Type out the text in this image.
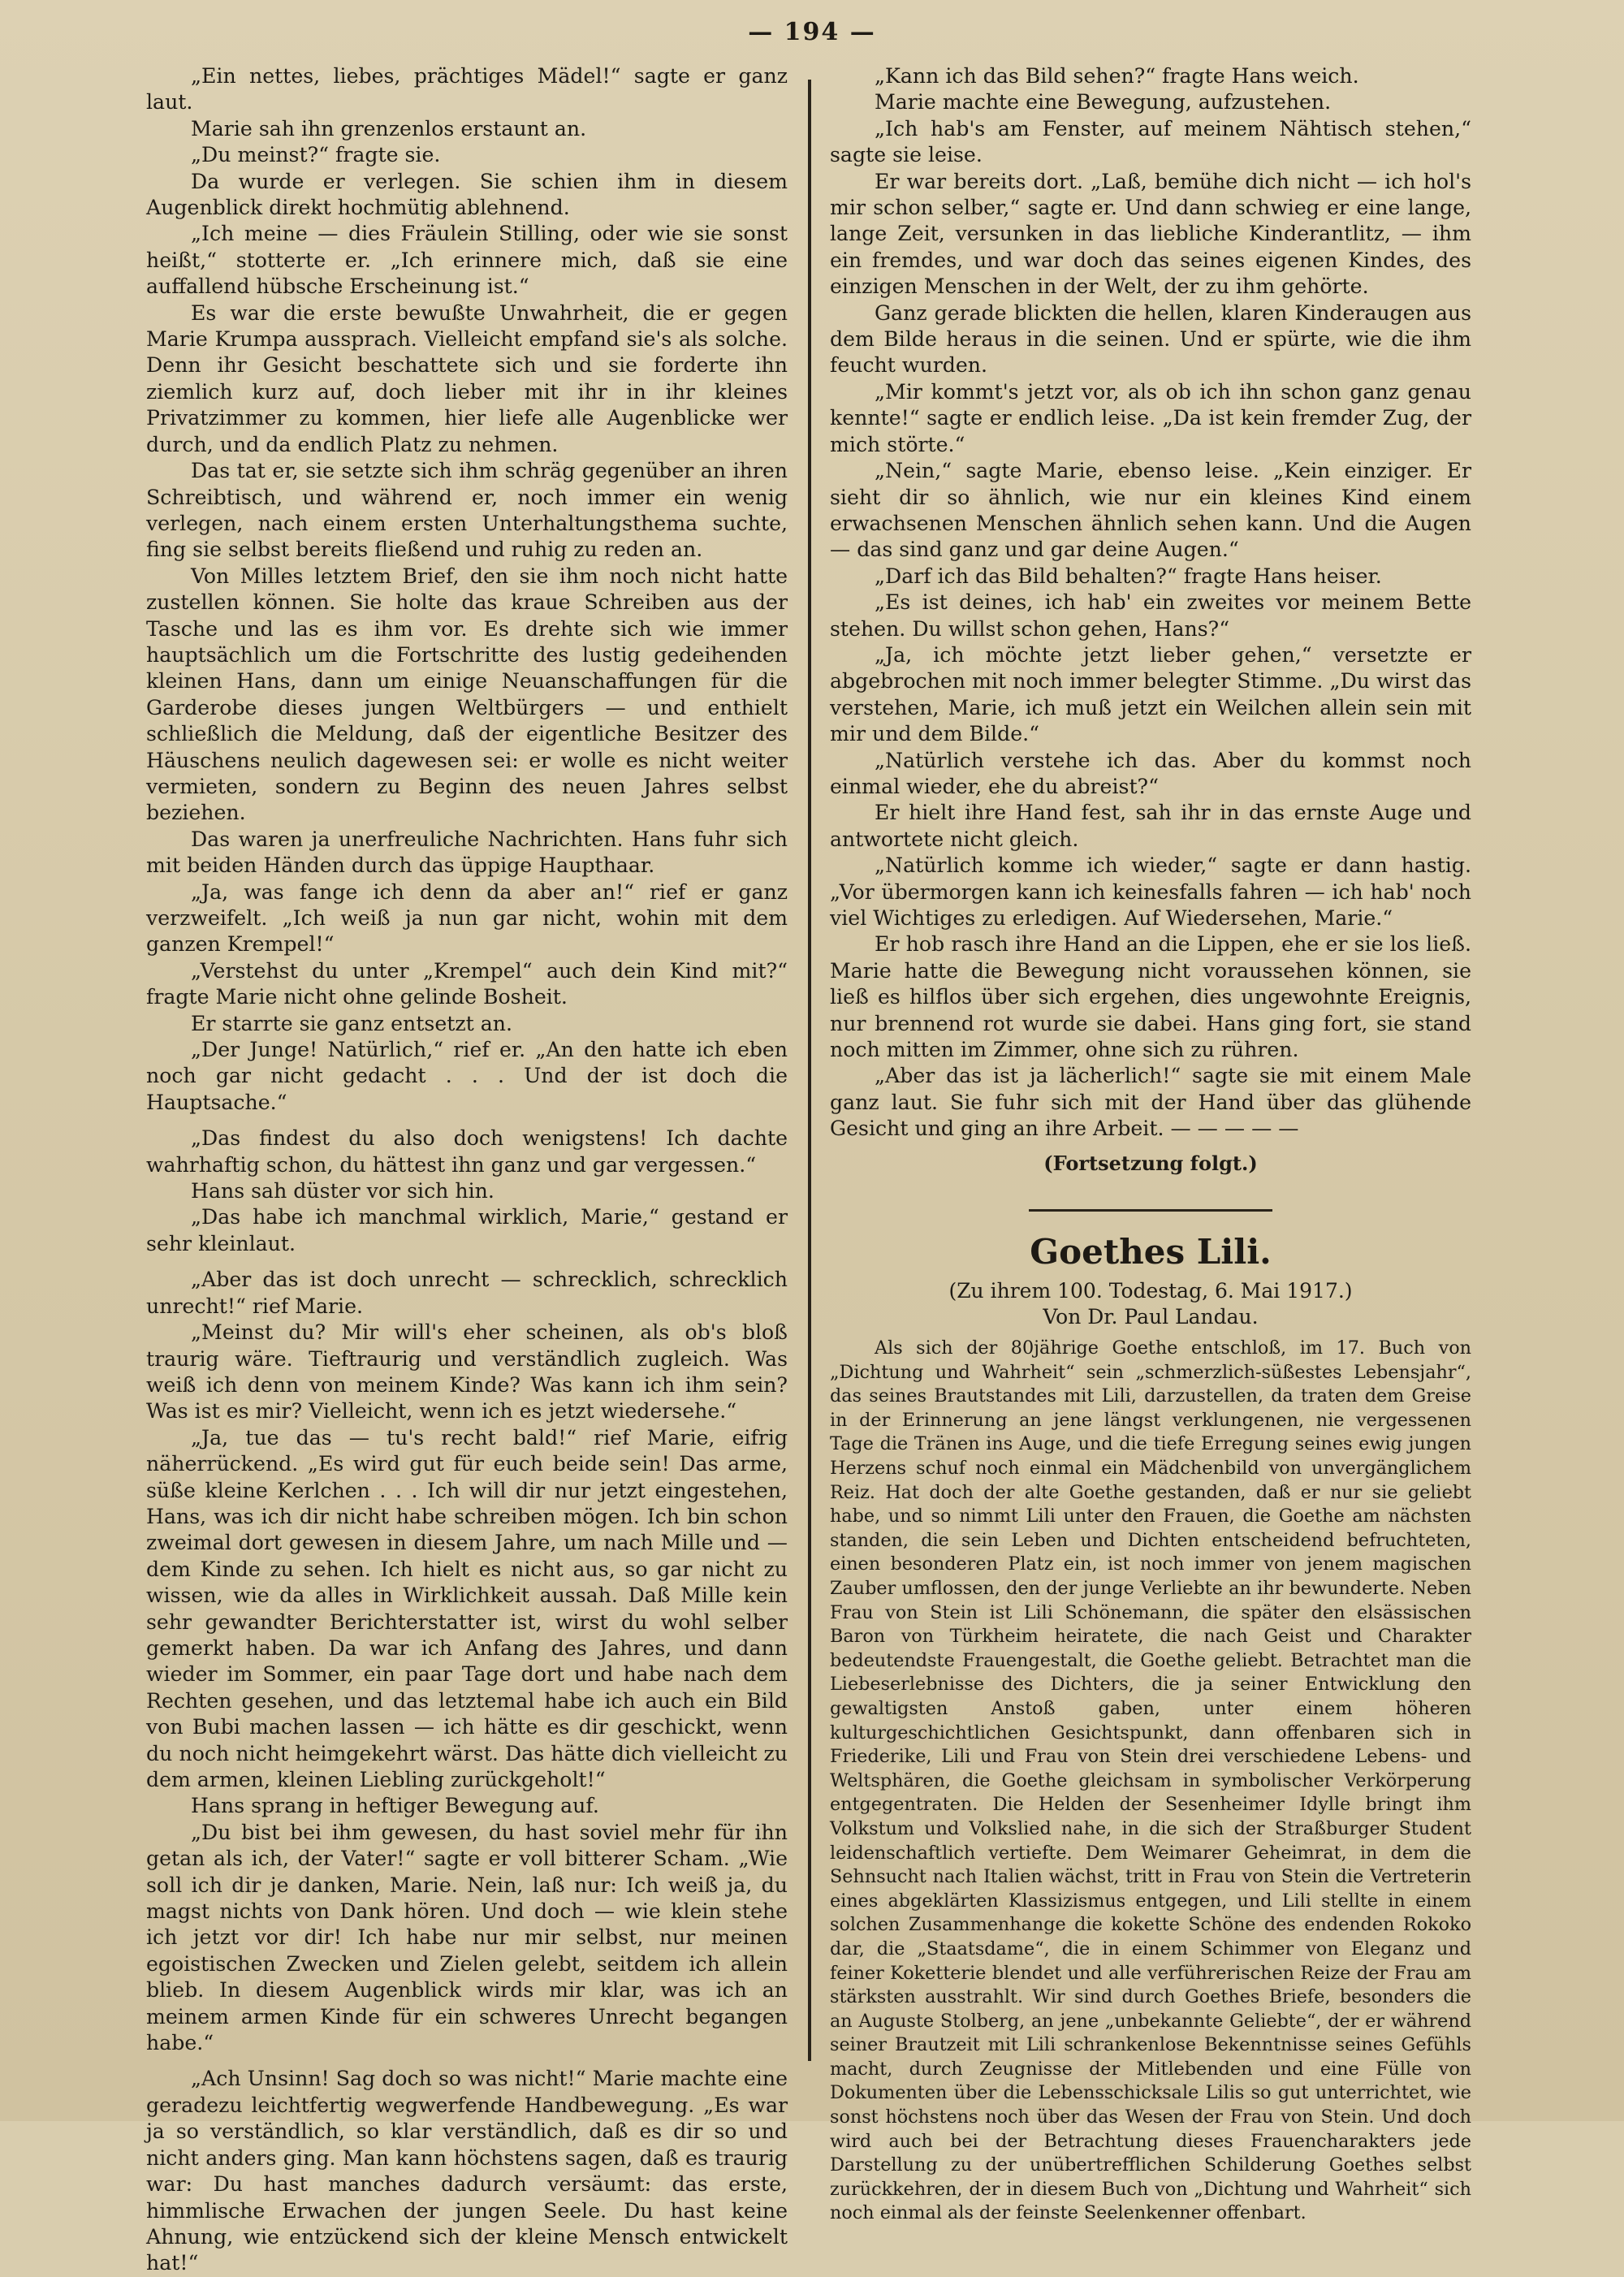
— 194 —

„Ein nettes, liebes, prächtiges Mädel!“ sagte er ganz laut.

Marie sah ihn grenzenlos erstaunt an.

„Du meinst?“ fragte sie.

Da wurde er verlegen. Sie schien ihm in diesem Augenblick direkt hochmütig ablehnend.

„Ich meine — dies Fräulein Stilling, oder wie sie sonst heißt,“ stotterte er. „Ich erinnere mich, daß sie eine auffallend hübsche Erscheinung ist.“

Es war die erste bewußte Unwahrheit, die er gegen Marie Krumpa aussprach. Vielleicht empfand sie's als solche. Denn ihr Gesicht beschattete sich und sie forderte ihn ziemlich kurz auf, doch lieber mit ihr in ihr kleines Privatzimmer zu kommen, hier liefe alle Augenblicke wer durch, und da endlich Platz zu nehmen.

Das tat er, sie setzte sich ihm schräg gegenüber an ihren Schreibtisch, und während er, noch immer ein wenig verlegen, nach einem ersten Unterhaltungsthema suchte, fing sie selbst bereits fließend und ruhig zu reden an.

Von Milles letztem Brief, den sie ihm noch nicht hatte zustellen können. Sie holte das kraue Schreiben aus der Tasche und las es ihm vor. Es drehte sich wie immer hauptsächlich um die Fortschritte des lustig gedeihenden kleinen Hans, dann um einige Neuanschaffungen für die Garderobe dieses jungen Weltbürgers — und enthielt schließlich die Meldung, daß der eigentliche Besitzer des Häuschens neulich dagewesen sei: er wolle es nicht weiter vermieten, sondern zu Beginn des neuen Jahres selbst beziehen.

Das waren ja unerfreuliche Nachrichten. Hans fuhr sich mit beiden Händen durch das üppige Haupthaar.

„Ja, was fange ich denn da aber an!“ rief er ganz verzweifelt. „Ich weiß ja nun gar nicht, wohin mit dem ganzen Krempel!“

„Verstehst du unter „Krempel“ auch dein Kind mit?“ fragte Marie nicht ohne gelinde Bosheit.

Er starrte sie ganz entsetzt an.

„Der Junge! Natürlich,“ rief er. „An den hatte ich eben noch gar nicht gedacht . . . Und der ist doch die Hauptsache.“

„Das findest du also doch wenigstens! Ich dachte wahrhaftig schon, du hättest ihn ganz und gar vergessen.“

Hans sah düster vor sich hin.

„Das habe ich manchmal wirklich, Marie,“ gestand er sehr kleinlaut.

„Aber das ist doch unrecht — schrecklich, schrecklich unrecht!“ rief Marie.

„Meinst du? Mir will's eher scheinen, als ob's bloß traurig wäre. Tieftraurig und verständlich zugleich. Was weiß ich denn von meinem Kinde? Was kann ich ihm sein? Was ist es mir? Vielleicht, wenn ich es jetzt wiedersehe.“

„Ja, tue das — tu's recht bald!“ rief Marie, eifrig näherrückend. „Es wird gut für euch beide sein! Das arme, süße kleine Kerlchen . . . Ich will dir nur jetzt eingestehen, Hans, was ich dir nicht habe schreiben mögen. Ich bin schon zweimal dort gewesen in diesem Jahre, um nach Mille und — dem Kinde zu sehen. Ich hielt es nicht aus, so gar nicht zu wissen, wie da alles in Wirklichkeit aussah. Daß Mille kein sehr gewandter Berichterstatter ist, wirst du wohl selber gemerkt haben. Da war ich Anfang des Jahres, und dann wieder im Sommer, ein paar Tage dort und habe nach dem Rechten gesehen, und das letztemal habe ich auch ein Bild von Bubi machen lassen — ich hätte es dir geschickt, wenn du noch nicht heimgekehrt wärst. Das hätte dich vielleicht zu dem armen, kleinen Liebling zurückgeholt!“

Hans sprang in heftiger Bewegung auf.

„Du bist bei ihm gewesen, du hast soviel mehr für ihn getan als ich, der Vater!“ sagte er voll bitterer Scham. „Wie soll ich dir je danken, Marie. Nein, laß nur: Ich weiß ja, du magst nichts von Dank hören. Und doch — wie klein stehe ich jetzt vor dir! Ich habe nur mir selbst, nur meinen egoistischen Zwecken und Zielen gelebt, seitdem ich allein blieb. In diesem Augenblick wirds mir klar, was ich an meinem armen Kinde für ein schweres Unrecht begangen habe.“

„Ach Unsinn! Sag doch so was nicht!“ Marie machte eine geradezu leichtfertig wegwerfende Handbewegung. „Es war ja so verständlich, so klar verständlich, daß es dir so und nicht anders ging. Man kann höchstens sagen, daß es traurig war: Du hast manches dadurch versäumt: das erste, himmlische Erwachen der jungen Seele. Du hast keine Ahnung, wie entzückend sich der kleine Mensch entwickelt hat!“

„Kann ich das Bild sehen?“ fragte Hans weich.

Marie machte eine Bewegung, aufzustehen.

„Ich hab's am Fenster, auf meinem Nähtisch stehen,“ sagte sie leise.

Er war bereits dort. „Laß, bemühe dich nicht — ich hol's mir schon selber,“ sagte er. Und dann schwieg er eine lange, lange Zeit, versunken in das liebliche Kinderantlitz, — ihm ein fremdes, und war doch das seines eigenen Kindes, des einzigen Menschen in der Welt, der zu ihm gehörte.

Ganz gerade blickten die hellen, klaren Kinderaugen aus dem Bilde heraus in die seinen. Und er spürte, wie die ihm feucht wurden.

„Mir kommt's jetzt vor, als ob ich ihn schon ganz genau kennte!“ sagte er endlich leise. „Da ist kein fremder Zug, der mich störte.“

„Nein,“ sagte Marie, ebenso leise. „Kein einziger. Er sieht dir so ähnlich, wie nur ein kleines Kind einem erwachsenen Menschen ähnlich sehen kann. Und die Augen — das sind ganz und gar deine Augen.“

„Darf ich das Bild behalten?“ fragte Hans heiser.

„Es ist deines, ich hab' ein zweites vor meinem Bette stehen. Du willst schon gehen, Hans?“

„Ja, ich möchte jetzt lieber gehen,“ versetzte er abgebrochen mit noch immer belegter Stimme. „Du wirst das verstehen, Marie, ich muß jetzt ein Weilchen allein sein mit mir und dem Bilde.“

„Natürlich verstehe ich das. Aber du kommst noch einmal wieder, ehe du abreist?“

Er hielt ihre Hand fest, sah ihr in das ernste Auge und antwortete nicht gleich.

„Natürlich komme ich wieder,“ sagte er dann hastig. „Vor übermorgen kann ich keinesfalls fahren — ich hab' noch viel Wichtiges zu erledigen. Auf Wiedersehen, Marie.“

Er hob rasch ihre Hand an die Lippen, ehe er sie los ließ. Marie hatte die Bewegung nicht voraussehen können, sie ließ es hilflos über sich ergehen, dies ungewohnte Ereignis, nur brennend rot wurde sie dabei. Hans ging fort, sie stand noch mitten im Zimmer, ohne sich zu rühren.

„Aber das ist ja lächerlich!“ sagte sie mit einem Male ganz laut. Sie fuhr sich mit der Hand über das glühende Gesicht und ging an ihre Arbeit. — — — — —

(Fortsetzung folgt.)
Goethes Lili.
(Zu ihrem 100. Todestag, 6. Mai 1917.)
Von Dr. Paul Landau.

Als sich der 80jährige Goethe entschloß, im 17. Buch von „Dichtung und Wahrheit“ sein „schmerzlich-süßestes Lebensjahr“, das seines Brautstandes mit Lili, darzustellen, da traten dem Greise in der Erinnerung an jene längst verklungenen, nie vergessenen Tage die Tränen ins Auge, und die tiefe Erregung seines ewig jungen Herzens schuf noch einmal ein Mädchenbild von unvergänglichem Reiz. Hat doch der alte Goethe gestanden, daß er nur sie geliebt habe, und so nimmt Lili unter den Frauen, die Goethe am nächsten standen, die sein Leben und Dichten entscheidend befruchteten, einen besonderen Platz ein, ist noch immer von jenem magischen Zauber umflossen, den der junge Verliebte an ihr bewunderte. Neben Frau von Stein ist Lili Schönemann, die später den elsässischen Baron von Türkheim heiratete, die nach Geist und Charakter bedeutendste Frauengestalt, die Goethe geliebt. Betrachtet man die Liebeserlebnisse des Dichters, die ja seiner Entwicklung den gewaltigsten Anstoß gaben, unter einem höheren kulturgeschichtlichen Gesichtspunkt, dann offenbaren sich in Friederike, Lili und Frau von Stein drei verschiedene Lebens- und Weltsphären, die Goethe gleichsam in symbolischer Verkörperung entgegentraten. Die Helden der Sesenheimer Idylle bringt ihm Volkstum und Volkslied nahe, in die sich der Straßburger Student leidenschaftlich vertiefte. Dem Weimarer Geheimrat, in dem die Sehnsucht nach Italien wächst, tritt in Frau von Stein die Vertreterin eines abgeklärten Klassizismus entgegen, und Lili stellte in einem solchen Zusammenhange die kokette Schöne des endenden Rokoko dar, die „Staatsdame“, die in einem Schimmer von Eleganz und feiner Koketterie blendet und alle verführerischen Reize der Frau am stärksten ausstrahlt. Wir sind durch Goethes Briefe, besonders die an Auguste Stolberg, an jene „unbekannte Geliebte“, der er während seiner Brautzeit mit Lili schrankenlose Bekenntnisse seines Gefühls macht, durch Zeugnisse der Mitlebenden und eine Fülle von Dokumenten über die Lebensschicksale Lilis so gut unterrichtet, wie sonst höchstens noch über das Wesen der Frau von Stein. Und doch wird auch bei der Betrachtung dieses Frauencharakters jede Darstellung zu der unübertrefflichen Schilderung Goethes selbst zurückkehren, der in diesem Buch von „Dichtung und Wahrheit“ sich noch einmal als der feinste Seelenkenner offenbart.
